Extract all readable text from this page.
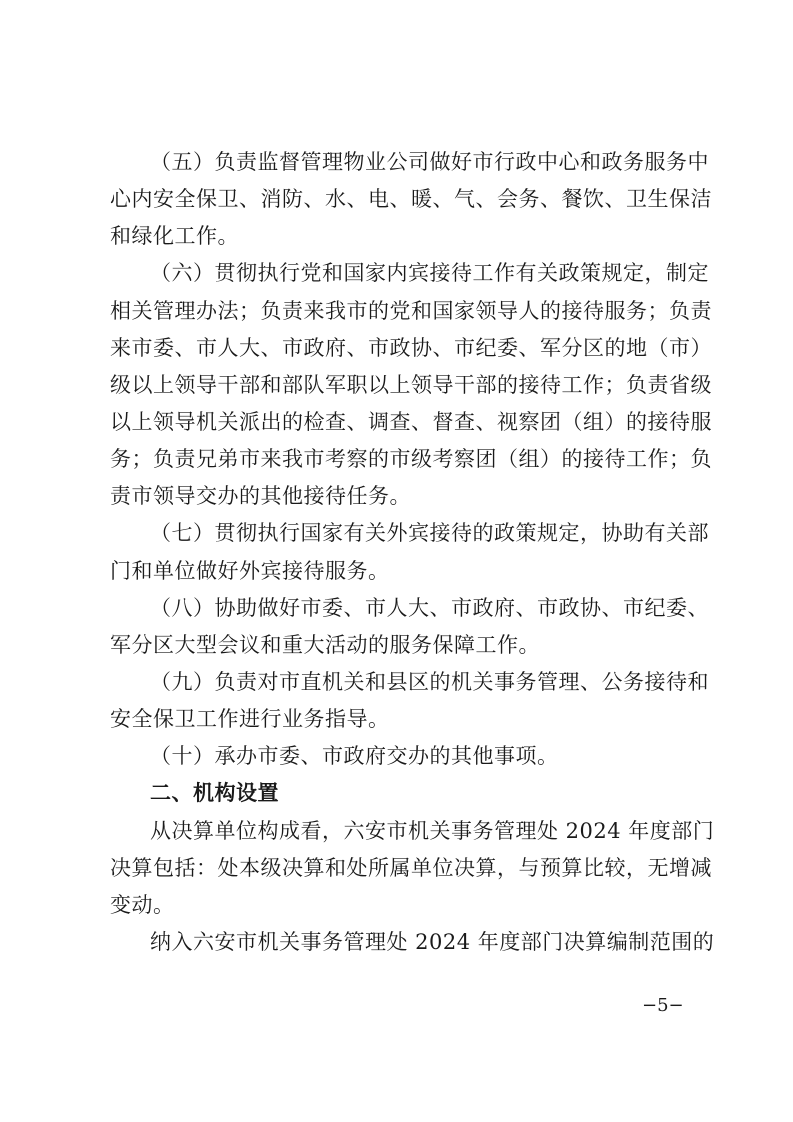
（五）负责监督管理物业公司做好市行政中心和政务服务中
心内安全保卫、消防、水、电、暖、气、会务、餐饮、卫生保洁
和绿化工作。
（六）贯彻执行党和国家内宾接待工作有关政策规定，制定
相关管理办法；负责来我市的党和国家领导人的接待服务；负责
来市委、市人大、市政府、市政协、市纪委、军分区的地（市）
级以上领导干部和部队军职以上领导干部的接待工作；负责省级
以上领导机关派出的检查、调查、督查、视察团（组）的接待服
务；负责兄弟市来我市考察的市级考察团（组）的接待工作；负
责市领导交办的其他接待任务。
（七）贯彻执行国家有关外宾接待的政策规定，协助有关部
门和单位做好外宾接待服务。
（八）协助做好市委、市人大、市政府、市政协、市纪委、
军分区大型会议和重大活动的服务保障工作。
（九）负责对市直机关和县区的机关事务管理、公务接待和
安全保卫工作进行业务指导。
（十）承办市委、市政府交办的其他事项。
二、机构设置
从决算单位构成看，六安市机关事务管理处 2024 年度部门
决算包括：处本级决算和处所属单位决算，与预算比较，无增减
变动。
纳入六安市机关事务管理处 2024 年度部门决算编制范围的
−5−
